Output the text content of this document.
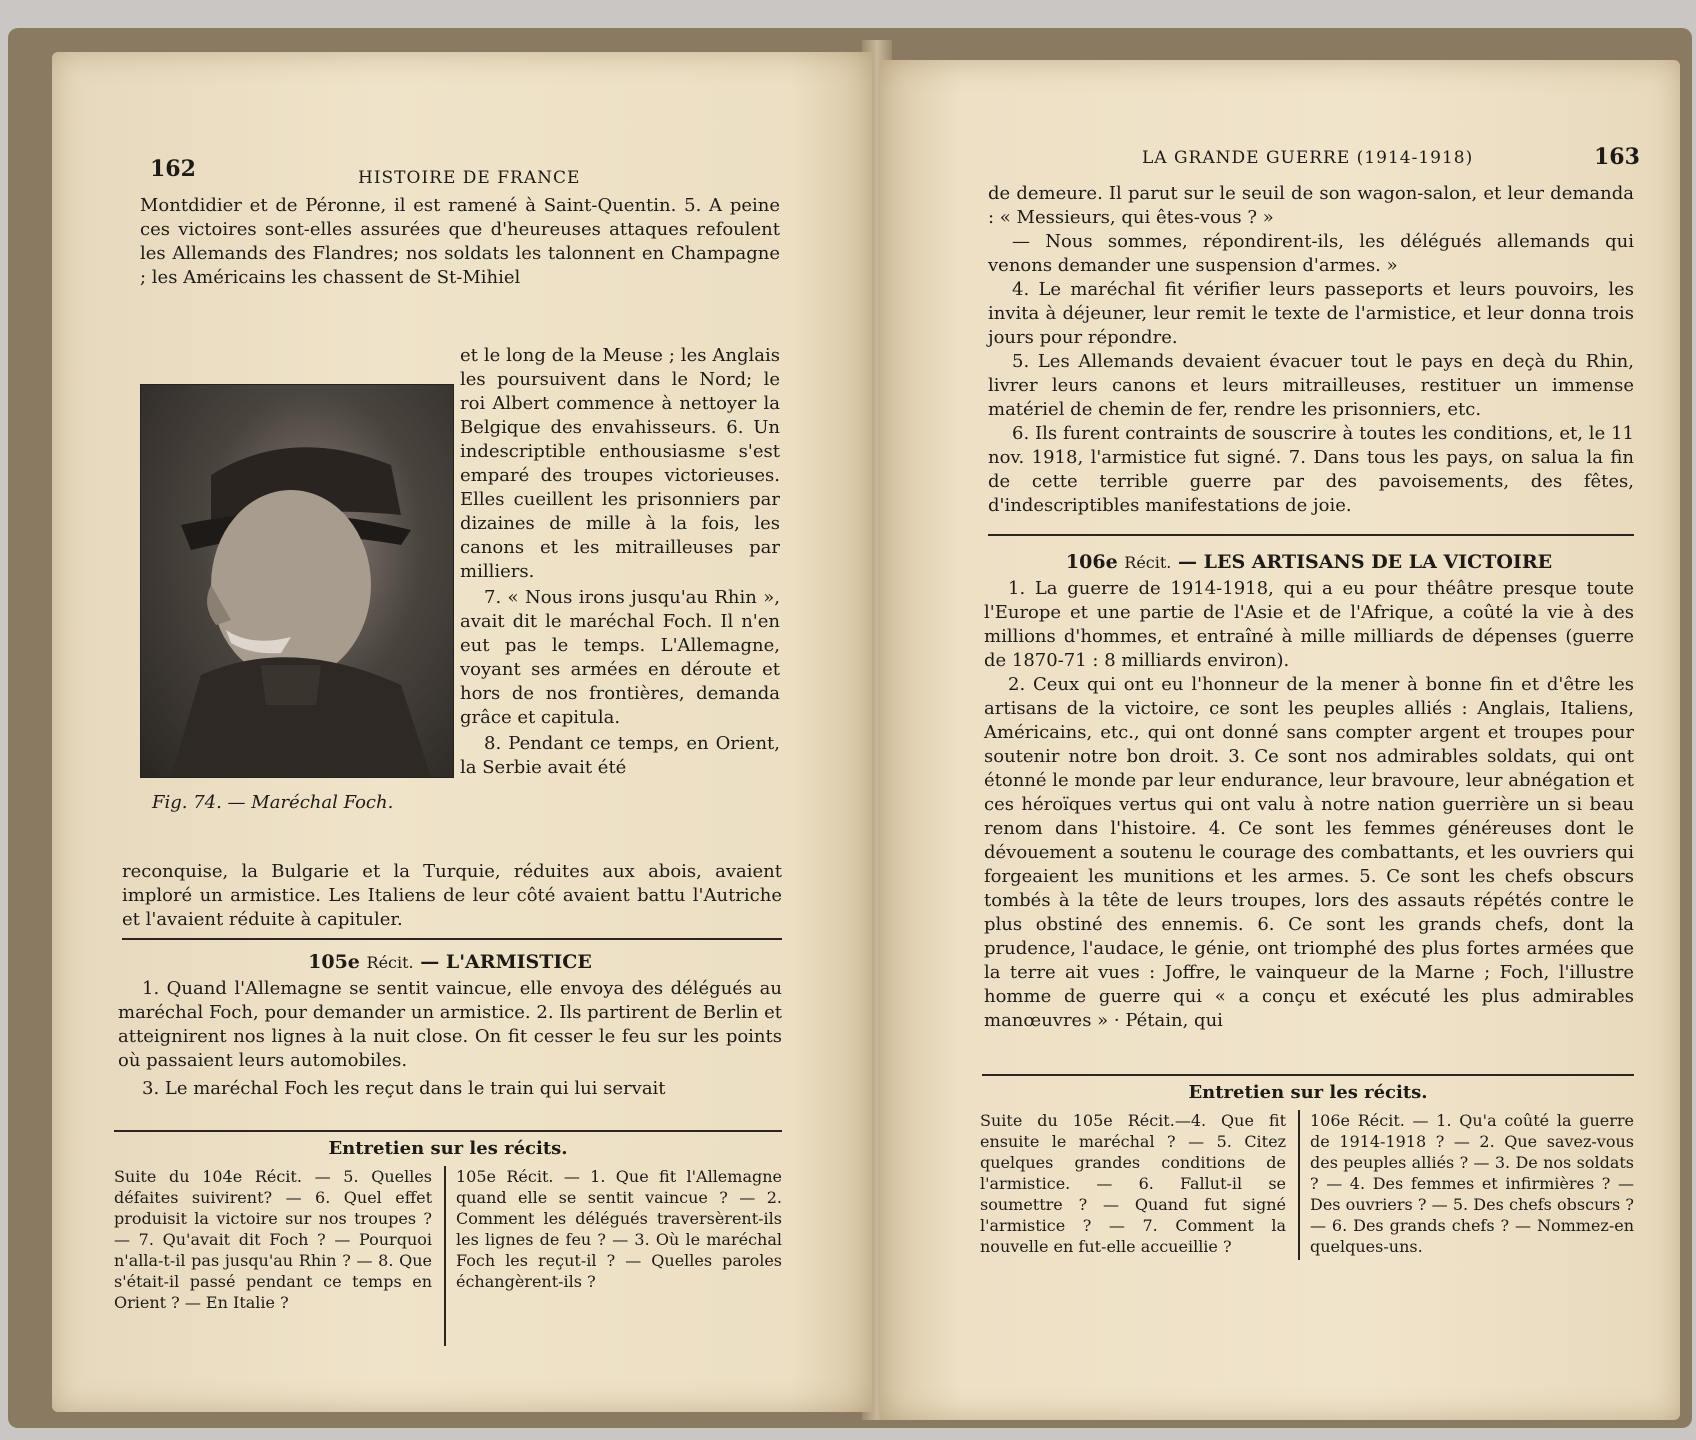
162	HISTOIRE DE FRANCE

Montdidier et de Péronne, il est ramené à Saint-Quentin. 5. A peine ces victoires sont-elles assurées que d'heureuses attaques refoulent les Allemands des Flandres; nos soldats les talonnent en Champagne ; les Américains les chassent de St-Mihiel

et le long de la Meuse ; les Anglais les poursuivent dans le Nord; le roi Albert commence à nettoyer la Belgique des envahisseurs. 6. Un indescriptible enthousiasme s'est emparé des troupes victorieuses. Elles cueillent les prisonniers par dizaines de mille à la fois, les canons et les mitrailleuses par milliers.

7. « Nous irons jusqu'au Rhin », avait dit le maréchal Foch. Il n'en eut pas le temps. L'Allemagne, voyant ses armées en déroute et hors de nos frontières, demanda grâce et capitula.

8. Pendant ce temps, en Orient, la Serbie avait été

Fig. 74. — Maréchal Foch.

reconquise, la Bulgarie et la Turquie, réduites aux abois, avaient imploré un armistice. Les Italiens de leur côté avaient battu l'Autriche et l'avaient réduite à capituler.

105e Récit. — L'ARMISTICE

1. Quand l'Allemagne se sentit vaincue, elle envoya des délégués au maréchal Foch, pour demander un armistice. 2. Ils partirent de Berlin et atteignirent nos lignes à la nuit close. On fit cesser le feu sur les points où passaient leurs automobiles.

3. Le maréchal Foch les reçut dans le train qui lui servait

Entretien sur les récits.
Suite du 104e Récit. — 5. Quelles défaites suivirent? — 6. Quel effet produisit la victoire sur nos troupes ? — 7. Qu'avait dit Foch ? — Pourquoi n'alla-t-il pas jusqu'au Rhin ? — 8. Que s'était-il passé pendant ce temps en Orient ? — En Italie ?
105e Récit. — 1. Que fit l'Allemagne quand elle se sentit vaincue ? — 2. Comment les délégués traversèrent-ils les lignes de feu ? — 3. Où le maréchal Foch les reçut-il ? — Quelles paroles échangèrent-ils ?
LA GRANDE GUERRE (1914-1918)	163

de demeure. Il parut sur le seuil de son wagon-salon, et leur demanda : « Messieurs, qui êtes-vous ? »

— Nous sommes, répondirent-ils, les délégués allemands qui venons demander une suspension d'armes. »

4. Le maréchal fit vérifier leurs passeports et leurs pouvoirs, les invita à déjeuner, leur remit le texte de l'armistice, et leur donna trois jours pour répondre.

5. Les Allemands devaient évacuer tout le pays en deçà du Rhin, livrer leurs canons et leurs mitrailleuses, restituer un immense matériel de chemin de fer, rendre les prisonniers, etc.

6. Ils furent contraints de souscrire à toutes les conditions, et, le 11 nov. 1918, l'armistice fut signé. 7. Dans tous les pays, on salua la fin de cette terrible guerre par des pavoisements, des fêtes, d'indescriptibles manifestations de joie.

106e Récit. — LES ARTISANS DE LA VICTOIRE

1. La guerre de 1914-1918, qui a eu pour théâtre presque toute l'Europe et une partie de l'Asie et de l'Afrique, a coûté la vie à des millions d'hommes, et entraîné à mille milliards de dépenses (guerre de 1870-71 : 8 milliards environ).

2. Ceux qui ont eu l'honneur de la mener à bonne fin et d'être les artisans de la victoire, ce sont les peuples alliés : Anglais, Italiens, Américains, etc., qui ont donné sans compter argent et troupes pour soutenir notre bon droit. 3. Ce sont nos admirables soldats, qui ont étonné le monde par leur endurance, leur bravoure, leur abnégation et ces héroïques vertus qui ont valu à notre nation guerrière un si beau renom dans l'histoire. 4. Ce sont les femmes généreuses dont le dévouement a soutenu le courage des combattants, et les ouvriers qui forgeaient les munitions et les armes. 5. Ce sont les chefs obscurs tombés à la tête de leurs troupes, lors des assauts répétés contre le plus obstiné des ennemis. 6. Ce sont les grands chefs, dont la prudence, l'audace, le génie, ont triomphé des plus fortes armées que la terre ait vues : Joffre, le vainqueur de la Marne ; Foch, l'illustre homme de guerre qui « a conçu et exécuté les plus admirables manœuvres » · Pétain, qui

Entretien sur les récits.
Suite du 105e Récit.—4. Que fit ensuite le maréchal ? — 5. Citez quelques grandes conditions de l'armistice. — 6. Fallut-il se soumettre ? — Quand fut signé l'armistice ? — 7. Comment la nouvelle en fut-elle accueillie ?
106e Récit. — 1. Qu'a coûté la guerre de 1914-1918 ? — 2. Que savez-vous des peuples alliés ? — 3. De nos soldats ? — 4. Des femmes et infirmières ? — Des ouvriers ? — 5. Des chefs obscurs ? — 6. Des grands chefs ? — Nommez-en quelques-uns.
